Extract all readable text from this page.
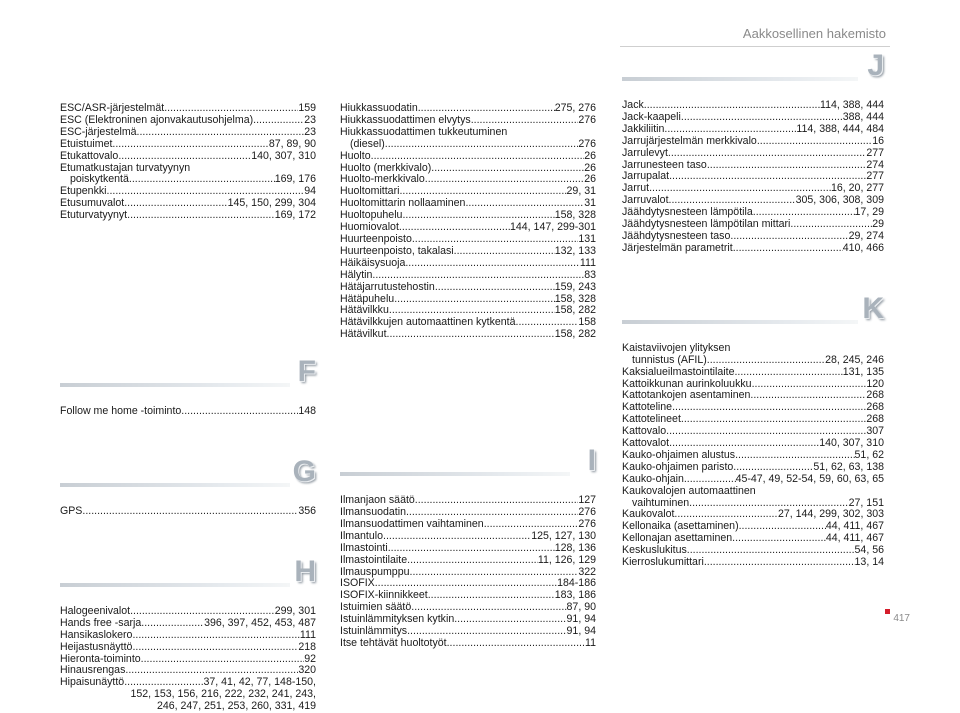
Aakkosellinen hakemisto
ESC/ASR-järjestelmät .....	159
ESC (Elektroninen ajonvakautusohjelma) .....	23
ESC-järjestelmä .....	23
Etuistuimet .....	87, 89, 90
Etukattovalo .....	140, 307, 310
Etumatkustajan turvatyynyn
poiskytkentä .....	169, 176
Etupenkki .....	94
Etusumuvalot .....	145, 150, 299, 304
Etuturvatyynyt .....	169, 172
F
Follow me home -toiminto .....	148
G
GPS .....	356
H
Halogeenivalot .....	299, 301
Hands free -sarja .....	396, 397, 452, 453, 487
Hansikaslokero .....	111
Heijastusnäyttö .....	218
Hieronta-toiminto .....	92
Hinausrengas .....	320
Hipaisunäyttö .....	37, 41, 42, 77, 148-150,
152, 153, 156, 216, 222, 232, 241, 243,
246, 247, 251, 253, 260, 331, 419
Hiukkassuodatin .....	275, 276
Hiukkassuodattimen elvytys .....	276
Hiukkassuodattimen tukkeutuminen
(diesel) .....	276
Huolto .....	26
Huolto (merkkivalo) .....	26
Huolto-merkkivalo .....	26
Huoltomittari .....	29, 31
Huoltomittarin nollaaminen .....	31
Huoltopuhelu .....	158, 328
Huomiovalot .....	144, 147, 299-301
Huurteenpoisto .....	131
Huurteenpoisto, takalasi .....	132, 133
Häikäisysuoja .....	111
Hälytin .....	83
Hätäjarrutustehostin .....	159, 243
Hätäpuhelu .....	158, 328
Hätävilkku .....	158, 282
Hätävilkkujen automaattinen kytkentä .....	158
Hätävilkut .....	158, 282
I
Ilmanjaon säätö .....	127
Ilmansuodatin .....	276
Ilmansuodattimen vaihtaminen .....	276
Ilmantulo .....	125, 127, 130
Ilmastointi .....	128, 136
Ilmastointilaite .....	11, 126, 129
Ilmauspumppu .....	322
ISOFIX .....	184-186
ISOFIX-kiinnikkeet .....	183, 186
Istuimien säätö .....	87, 90
Istuinlämmityksen kytkin .....	91, 94
Istuinlämmitys .....	91, 94
Itse tehtävät huoltotyöt .....	11
J
Jack .....	114, 388, 444
Jack-kaapeli .....	388, 444
Jakkiliitin .....	114, 388, 444, 484
Jarrujärjestelmän merkkivalo .....	16
Jarrulevyt .....	277
Jarrunesteen taso .....	274
Jarrupalat .....	277
Jarrut .....	16, 20, 277
Jarruvalot .....	305, 306, 308, 309
Jäähdytysnesteen lämpötila .....	17, 29
Jäähdytysnesteen lämpötilan mittari .....	29
Jäähdytysnesteen taso .....	29, 274
Järjestelmän parametrit .....	410, 466
K
Kaistaviivojen ylityksen
tunnistus (AFIL) .....	28, 245, 246
Kaksialueilmastointilaite .....	131, 135
Kattoikkunan aurinkoluukku .....	120
Kattotankojen asentaminen .....	268
Kattoteline .....	268
Kattotelineet .....	268
Kattovalo .....	307
Kattovalot .....	140, 307, 310
Kauko-ohjaimen alustus .....	51, 62
Kauko-ohjaimen paristo .....	51, 62, 63, 138
Kauko-ohjain .....	45-47, 49, 52-54, 59, 60, 63, 65
Kaukovalojen automaattinen
vaihtuminen .....	27, 151
Kaukovalot .....	27, 144, 299, 302, 303
Kellonaika (asettaminen) .....	44, 411, 467
Kellonajan asettaminen .....	44, 411, 467
Keskuslukitus .....	54, 56
Kierroslukumittari .....	13, 14
417
